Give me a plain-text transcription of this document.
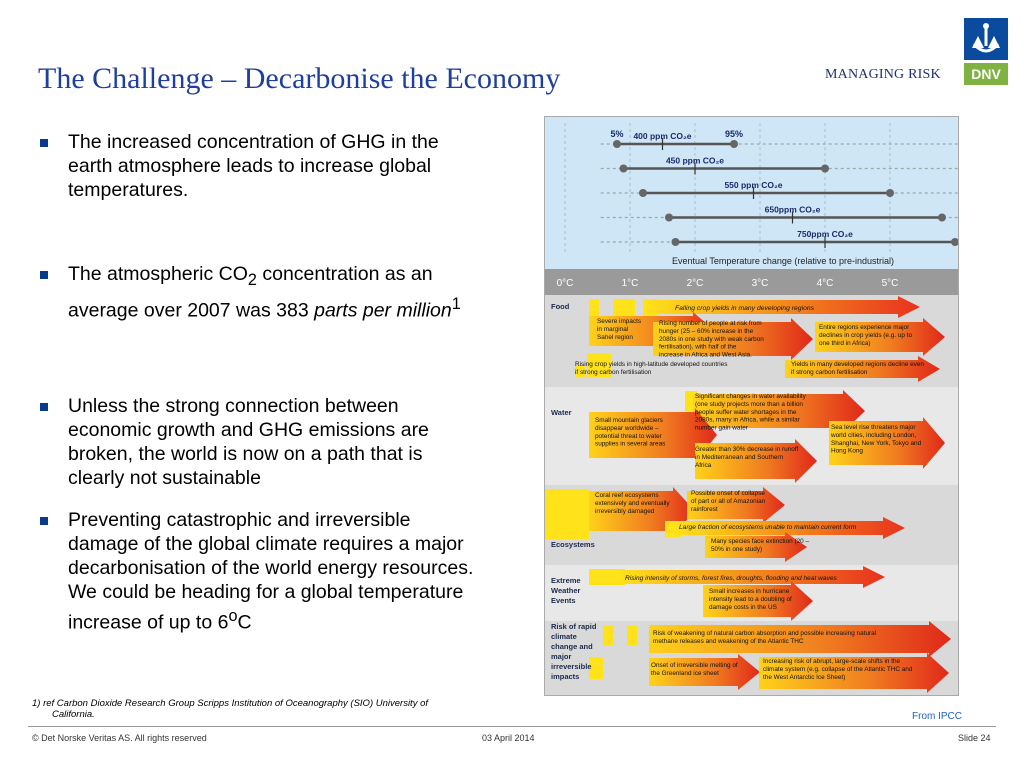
The Challenge – Decarbonise the Economy	MANAGING RISK	DNV
The increased concentration of GHG in the earth atmosphere leads to increase global temperatures.
The atmospheric $CO_2$ concentration as an average over 2007 was 383 parts per million$^1$
Unless the strong connection between economic growth and GHG emissions are broken, the world is now on a path that is clearly not sustainable
Preventing catastrophic and irreversible damage of the global climate requires a major decarbonisation of the world energy resources. We could be heading for a global temperature increase of up to 6$^o$C
5%	95%
400 ppm CO₂e
450 ppm CO₂e
550 ppm CO₂e
650ppm CO₂e
750ppm CO₂e
Eventual Temperature change (relative to pre-industrial)
0°C	1°C	2°C	3°C	4°C	5°C
Food
Water
Ecosystems
Extreme Weather Events
Risk of rapid climate change and major irreversible impacts
Falling crop yields in many developing regions
Severe impacts in marginal Sahel region
Rising number of people at risk from hunger (25 – 60% increase in the 2080s in one study with weak carbon fertilisation), with half of the increase in Africa and West Asia.
Entire regions experience major declines in crop yields (e.g. up to one third in Africa)
Rising crop yields in high-latitude developed countries if strong carbon fertilisation
Yields in many developed regions decline even if strong carbon fertilisation
Significant changes in water availability (one study projects more than a billion people suffer water shortages in the 2080s, many in Africa, while a similar number gain water
Small mountain glaciers disappear worldwide – potential threat to water supplies in several areas
Sea level rise threatens major world cities, including London, Shanghai, New York, Tokyo and Hong Kong
Greater than 30% decrease in runoff in Mediterranean and Southern Africa
Coral reef ecosystems extensively and eventually irreversibly damaged
Possible onset of collapse of part or all of Amazonian rainforest
Large fraction of ecosystems unable to maintain current form
Many species face extinction (20 – 50% in one study)
Rising intensity of storms, forest fires, droughts, flooding and heat waves
Small increases in hurricane intensity lead to a doubling of damage costs in the US
Risk of weakening of natural carbon absorption and possible increasing natural methane releases and weakening of the Atlantic THC
Onset of irreversible melting of the Greenland ice sheet
Increasing risk of abrupt, large-scale shifts in the climate system (e.g. collapse of the Atlantic THC and the West Antarctic Ice Sheet)
1) ref Carbon Dioxide Research Group Scripps Institution of Oceanography (SIO) University of
California.	From IPCC
© Det Norske Veritas AS. All rights reserved	03 April 2014	Slide 24
